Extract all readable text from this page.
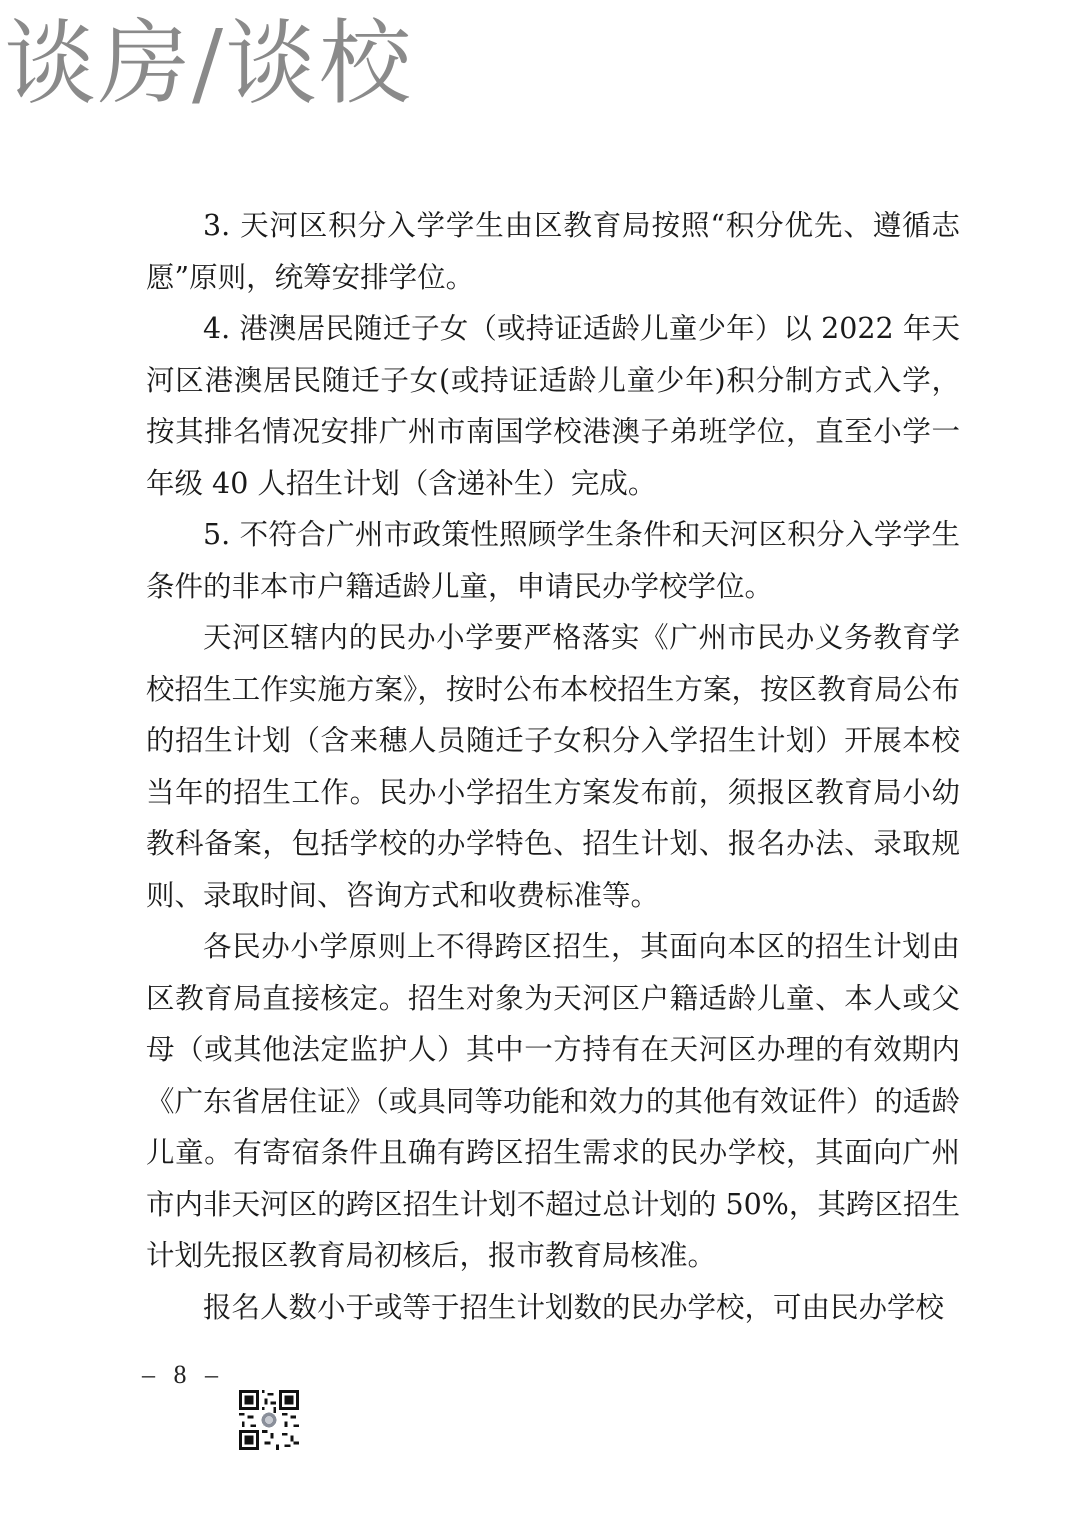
谈房/谈校

3. 天河区积分入学学生由区教育局按照“积分优先、遵循志愿”原则，统筹安排学位。

4. 港澳居民随迁子女（或持证适龄儿童少年）以 2022 年天河区港澳居民随迁子女(或持证适龄儿童少年)积分制方式入学，按其排名情况安排广州市南国学校港澳子弟班学位，直至小学一年级 40 人招生计划（含递补生）完成。

5. 不符合广州市政策性照顾学生条件和天河区积分入学学生条件的非本市户籍适龄儿童，申请民办学校学位。

天河区辖内的民办小学要严格落实《广州市民办义务教育学校招生工作实施方案》，按时公布本校招生方案，按区教育局公布的招生计划（含来穗人员随迁子女积分入学招生计划）开展本校当年的招生工作。民办小学招生方案发布前，须报区教育局小幼教科备案，包括学校的办学特色、招生计划、报名办法、录取规则、录取时间、咨询方式和收费标准等。

各民办小学原则上不得跨区招生，其面向本区的招生计划由区教育局直接核定。招生对象为天河区户籍适龄儿童、本人或父母（或其他法定监护人）其中一方持有在天河区办理的有效期内《广东省居住证》（或具同等功能和效力的其他有效证件）的适龄儿童。有寄宿条件且确有跨区招生需求的民办学校，其面向广州市内非天河区的跨区招生计划不超过总计划的 50%，其跨区招生计划先报区教育局初核后，报市教育局核准。

报名人数小于或等于招生计划数的民办学校，可由民办学校

– 8 –
